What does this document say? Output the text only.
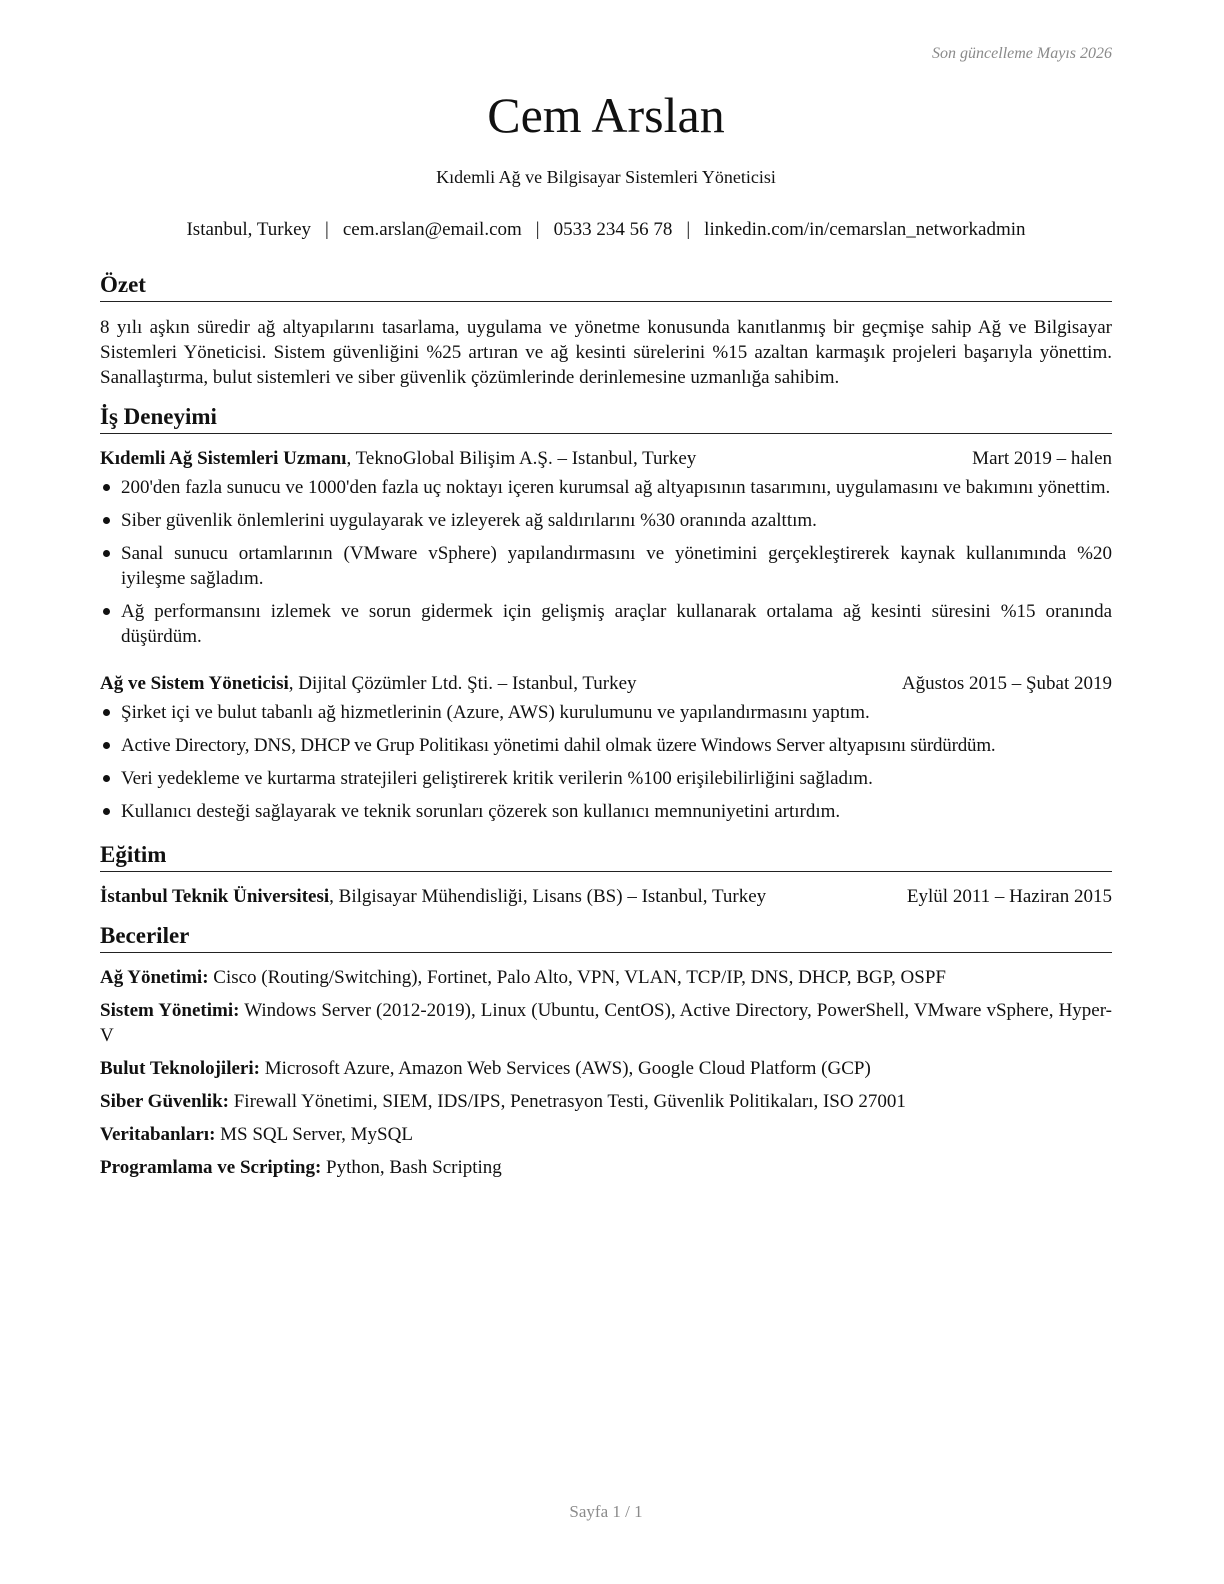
Son güncelleme Mayıs 2026
Cem Arslan
Kıdemli Ağ ve Bilgisayar Sistemleri Yöneticisi
Istanbul, Turkey | cem.arslan@email.com | 0533 234 56 78 | linkedin.com/in/cemarslan_networkadmin
Özet
8 yılı aşkın süredir ağ altyapılarını tasarlama, uygulama ve yönetme konusunda kanıtlanmış bir geçmişe sahip Ağ ve Bilgisayar Sistemleri Yöneticisi. Sistem güvenliğini %25 artıran ve ağ kesinti sürelerini %15 azaltan karmaşık projeleri başarıyla yönettim. Sanallaştırma, bulut sistemleri ve siber güvenlik çözümlerinde derinlemesine uzmanlığa sahibim.
İş Deneyimi
Kıdemli Ağ Sistemleri Uzmanı, TeknoGlobal Bilişim A.Ş. – Istanbul, Turkey	Mart 2019 – halen
200'den fazla sunucu ve 1000'den fazla uç noktayı içeren kurumsal ağ altyapısının tasarımını, uygulamasını ve bakımını yönettim.
Siber güvenlik önlemlerini uygulayarak ve izleyerek ağ saldırılarını %30 oranında azalttım.
Sanal sunucu ortamlarının (VMware vSphere) yapılandırmasını ve yönetimini gerçekleştirerek kaynak kullanımında %20 iyileşme sağladım.
Ağ performansını izlemek ve sorun gidermek için gelişmiş araçlar kullanarak ortalama ağ kesinti süresini %15 oranında düşürdüm.
Ağ ve Sistem Yöneticisi, Dijital Çözümler Ltd. Şti. – Istanbul, Turkey	Ağustos 2015 – Şubat 2019
Şirket içi ve bulut tabanlı ağ hizmetlerinin (Azure, AWS) kurulumunu ve yapılandırmasını yaptım.
Active Directory, DNS, DHCP ve Grup Politikası yönetimi dahil olmak üzere Windows Server altyapısını sürdürdüm.
Veri yedekleme ve kurtarma stratejileri geliştirerek kritik verilerin %100 erişilebilirliğini sağladım.
Kullanıcı desteği sağlayarak ve teknik sorunları çözerek son kullanıcı memnuniyetini artırdım.
Eğitim
İstanbul Teknik Üniversitesi, Bilgisayar Mühendisliği, Lisans (BS) – Istanbul, Turkey	Eylül 2011 – Haziran 2015
Beceriler
Ağ Yönetimi: Cisco (Routing/Switching), Fortinet, Palo Alto, VPN, VLAN, TCP/IP, DNS, DHCP, BGP, OSPF
Sistem Yönetimi: Windows Server (2012-2019), Linux (Ubuntu, CentOS), Active Directory, PowerShell, VMware vSphere, Hyper-V
Bulut Teknolojileri: Microsoft Azure, Amazon Web Services (AWS), Google Cloud Platform (GCP)
Siber Güvenlik: Firewall Yönetimi, SIEM, IDS/IPS, Penetrasyon Testi, Güvenlik Politikaları, ISO 27001
Veritabanları: MS SQL Server, MySQL
Programlama ve Scripting: Python, Bash Scripting
Sayfa 1 / 1
